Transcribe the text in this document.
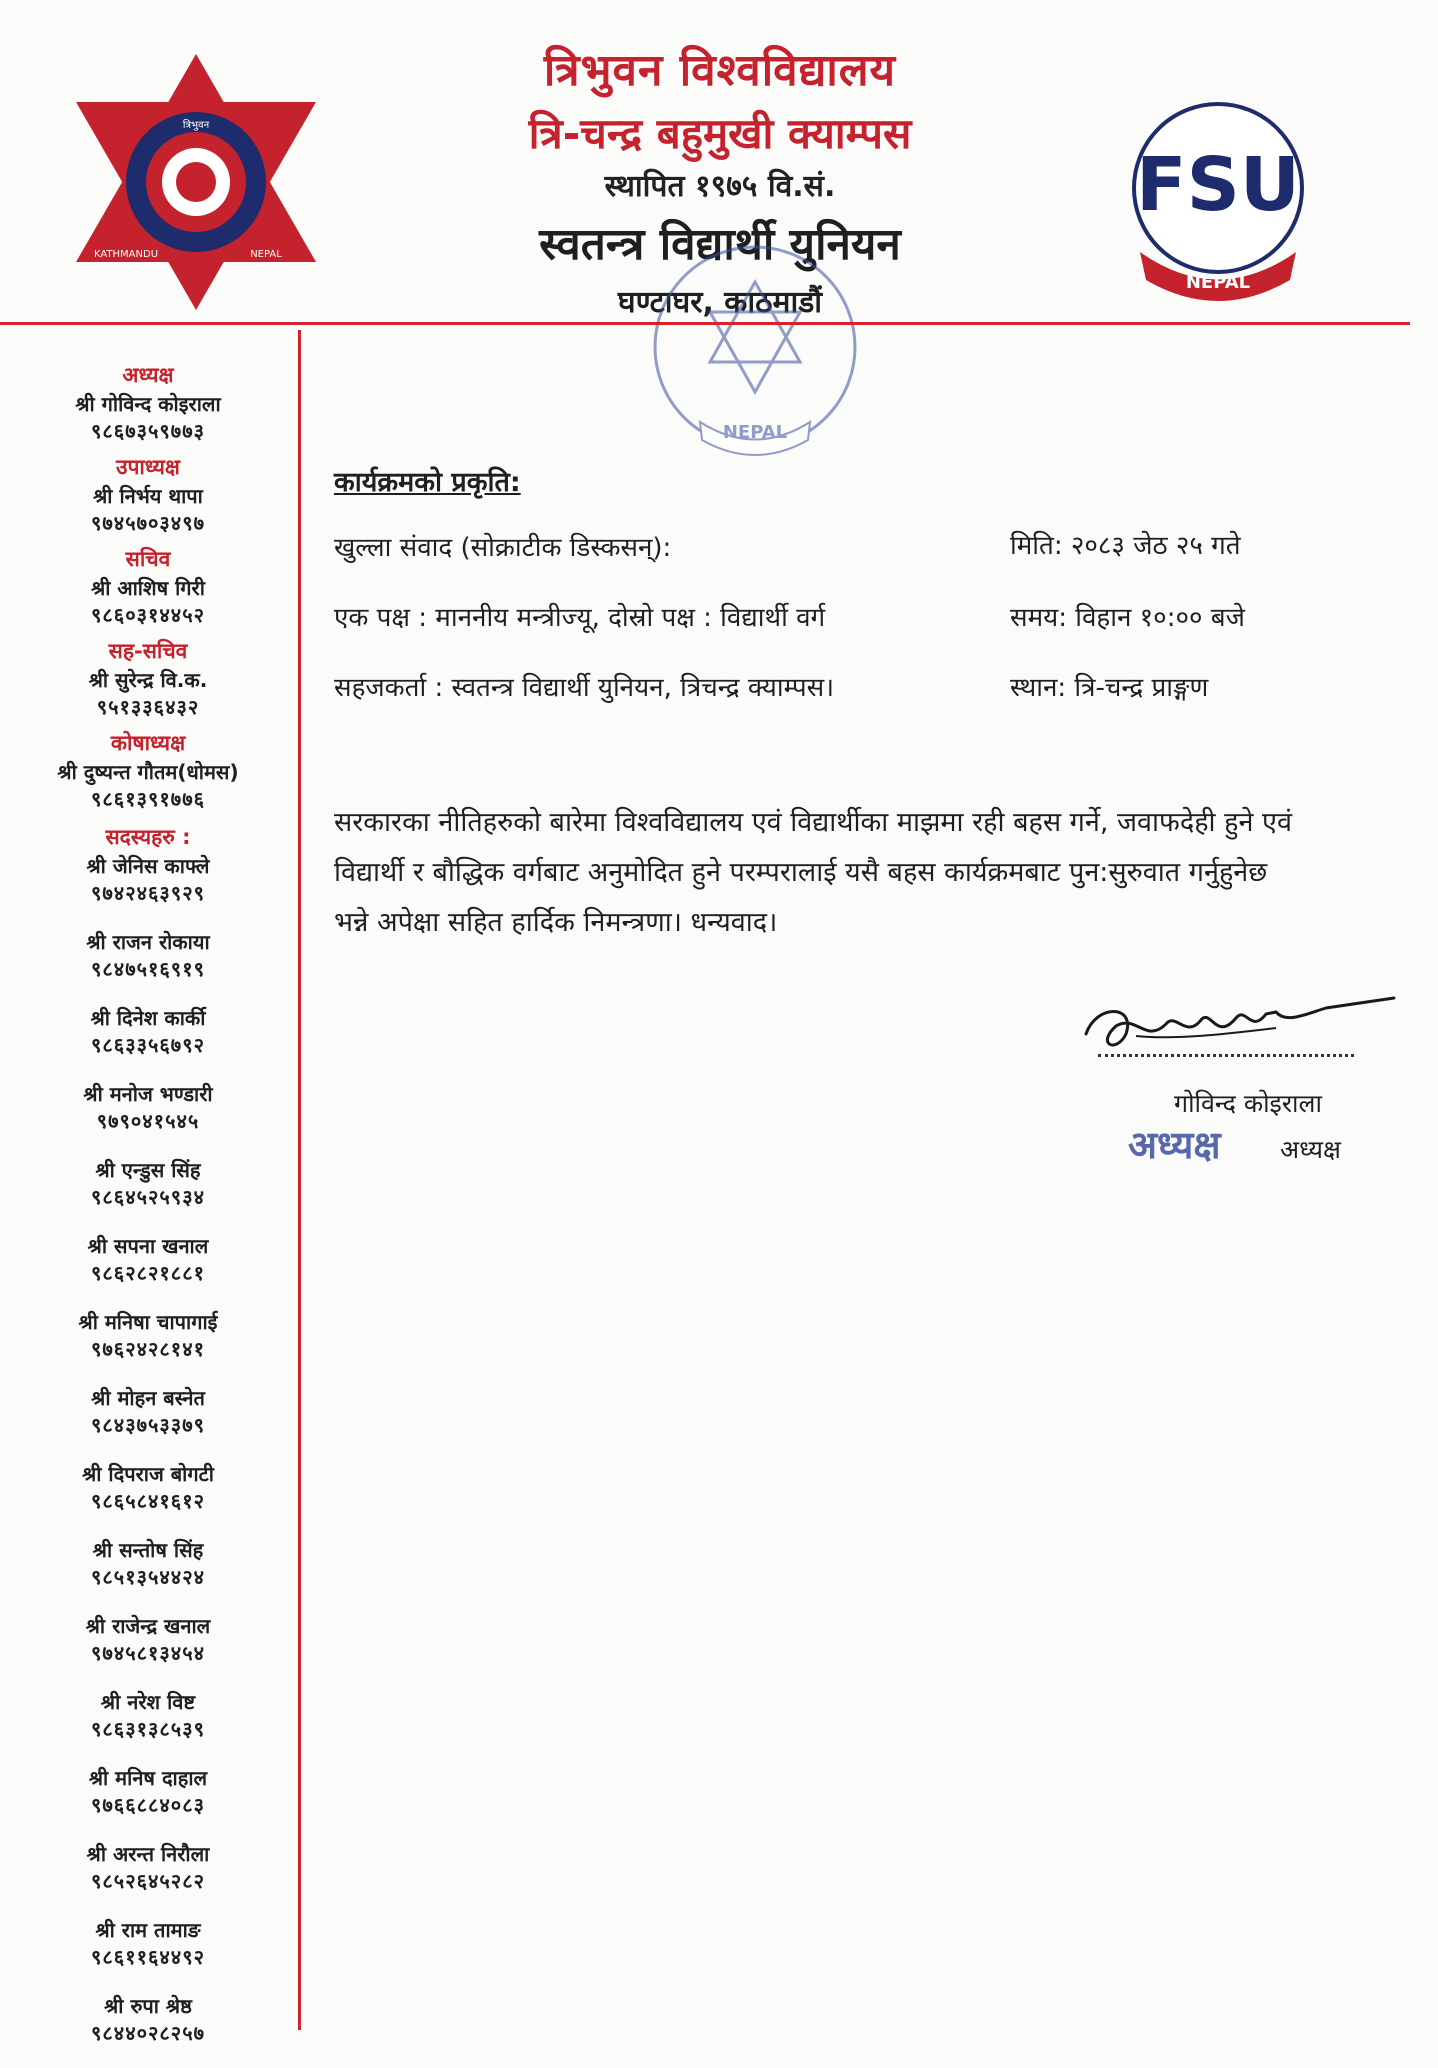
त्रिभुवन
KATHMANDU	NEPAL
FSU
NEPAL
त्रिभुवन विश्वविद्यालय
त्रि-चन्द्र बहुमुखी क्याम्पस
स्थापित १९७५ वि.सं.
स्वतन्त्र विद्यार्थी युनियन
घण्टाघर, काठमाडौं
NEPAL
अध्यक्ष
श्री गोविन्द कोइराला
९८६७३५९७७३
उपाध्यक्ष
श्री निर्भय थापा
९७४५७०३४९७
सचिव
श्री आशिष गिरी
९८६०३१४४५२
सह-सचिव
श्री सुरेन्द्र वि.क.
९५१३३६४३२
कोषाध्यक्ष
श्री दुष्यन्त गौतम(धोमस)
९८६१३९१७७६
सदस्यहरु :
श्री जेनिस काफ्ले
९७४२४६३९२९
श्री राजन रोकाया
९८४७५१६९१९
श्री दिनेश कार्की
९८६३३५६७९२
श्री मनोज भण्डारी
९७९०४१५४५
श्री एन्डुस सिंह
९८६४५२५९३४
श्री सपना खनाल
९८६२८२१८८१
श्री मनिषा चापागाई
९७६२४२८१४१
श्री मोहन बस्नेत
९८४३७५३३७९
श्री दिपराज बोगटी
९८६५८४१६१२
श्री सन्तोष सिंह
९८५१३५४४२४
श्री राजेन्द्र खनाल
९७४५८१३४५४
श्री नरेश विष्ट
९८६३१३८५३९
श्री मनिष दाहाल
९७६६८८४०८३
श्री अरन्त निरौला
९८५२६४५२८२
श्री राम तामाङ
९८६११६४४९२
श्री रुपा श्रेष्ठ
९८४४०२८२५७
कार्यक्रमको प्रकृति:
खुल्ला संवाद (सोक्राटीक डिस्कसन्):	मिति: २०८३ जेठ २५ गते
एक पक्ष : माननीय मन्त्रीज्यू, दोस्रो पक्ष : विद्यार्थी वर्ग	समय: विहान १०:०० बजे
सहजकर्ता : स्वतन्त्र विद्यार्थी युनियन, त्रिचन्द्र क्याम्पस।	स्थान: त्रि-चन्द्र प्राङ्गण
सरकारका नीतिहरुको बारेमा विश्वविद्यालय एवं विद्यार्थीका माझमा रही बहस गर्ने, जवाफदेही हुने एवं
विद्यार्थी र बौद्धिक वर्गबाट अनुमोदित हुने परम्परालाई यसै बहस कार्यक्रमबाट पुन:सुरुवात गर्नुहुनेछ
भन्ने अपेक्षा सहित हार्दिक निमन्त्रणा। धन्यवाद।
गोविन्द कोइराला
अध्यक्ष अध्यक्ष
